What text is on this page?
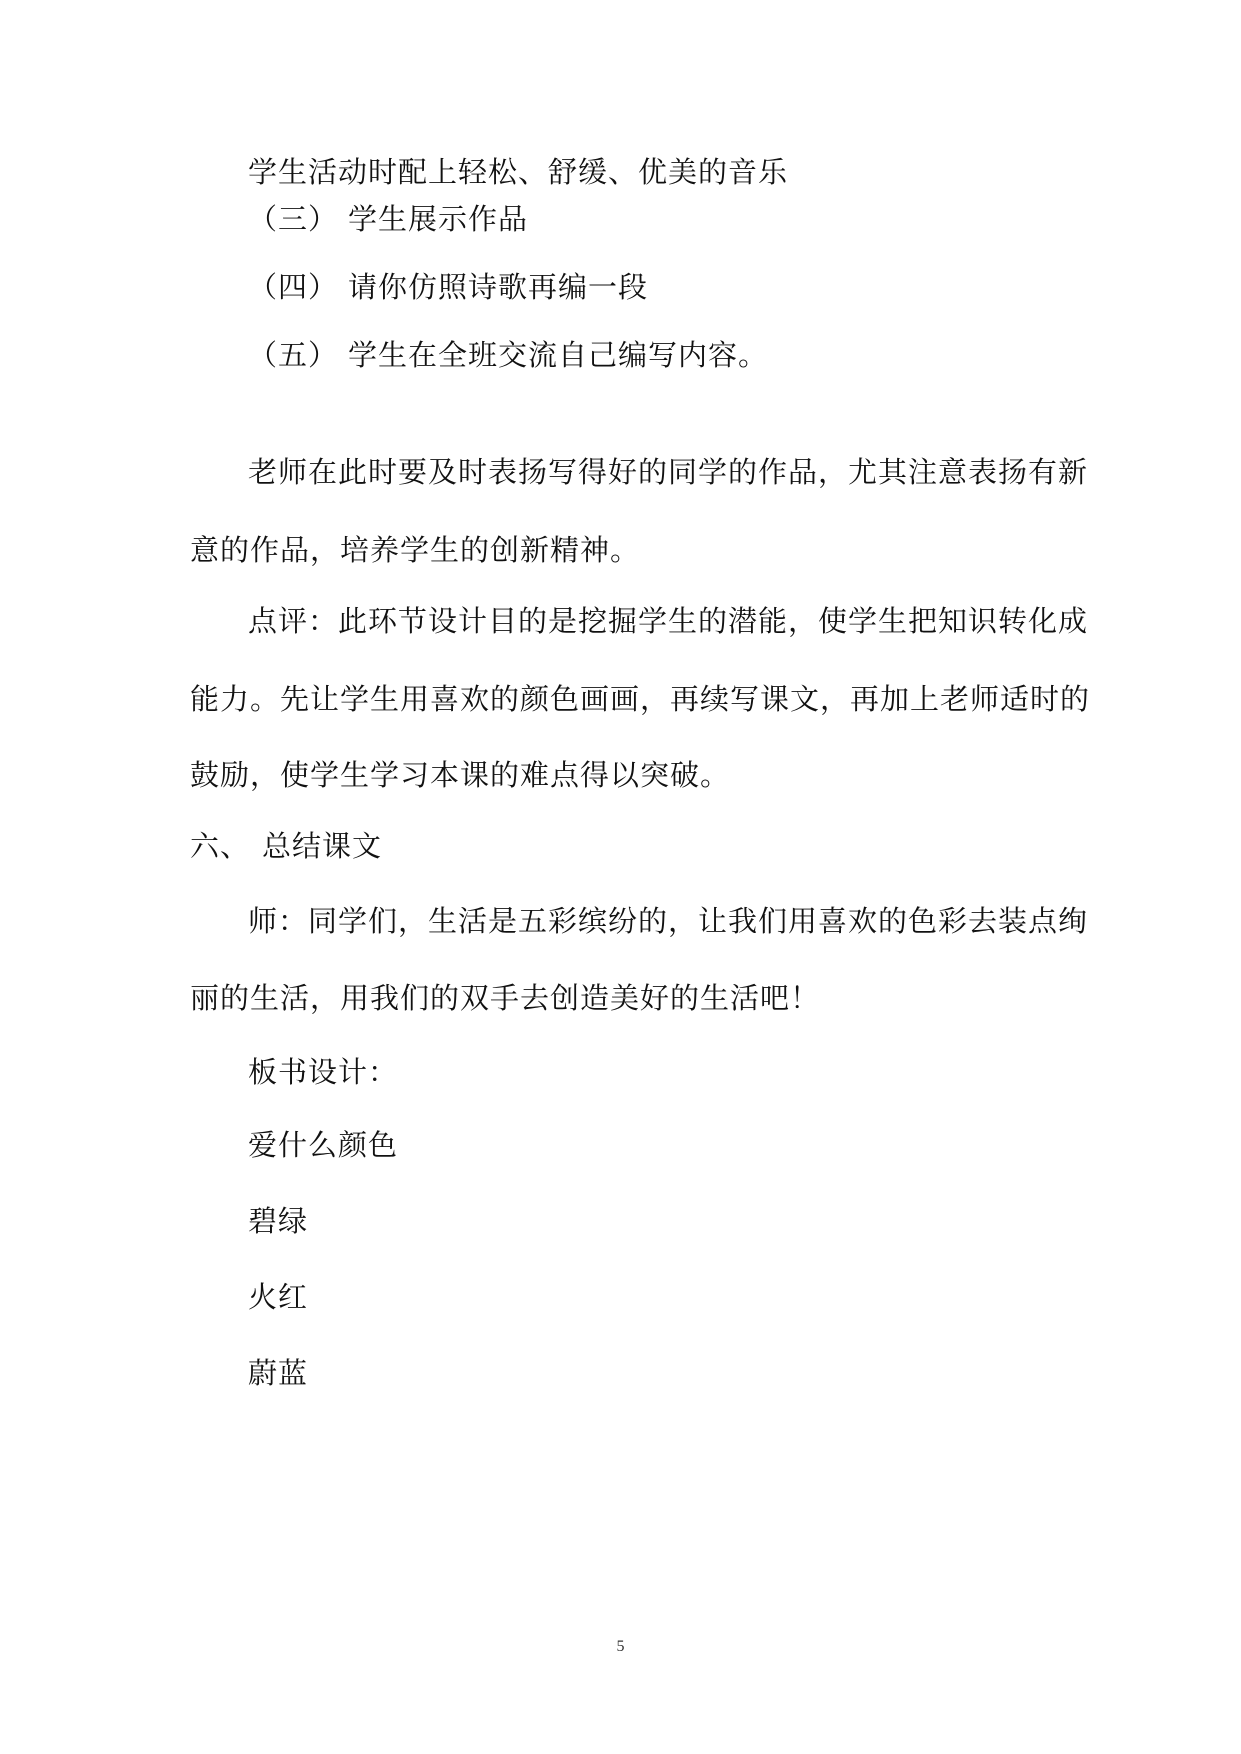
学生活动时配上轻松、舒缓、优美的音乐
（三） 学生展示作品
（四） 请你仿照诗歌再编一段
（五） 学生在全班交流自己编写内容。
老师在此时要及时表扬写得好的同学的作品，尤其注意表扬有新
意的作品，培养学生的创新精神。
点评：此环节设计目的是挖掘学生的潜能，使学生把知识转化成
能力。先让学生用喜欢的颜色画画，再续写课文，再加上老师适时的
鼓励，使学生学习本课的难点得以突破。
六、 总结课文
师：同学们，生活是五彩缤纷的，让我们用喜欢的色彩去装点绚
丽的生活，用我们的双手去创造美好的生活吧！
板书设计：
爱什么颜色
碧绿
火红
蔚蓝
5
